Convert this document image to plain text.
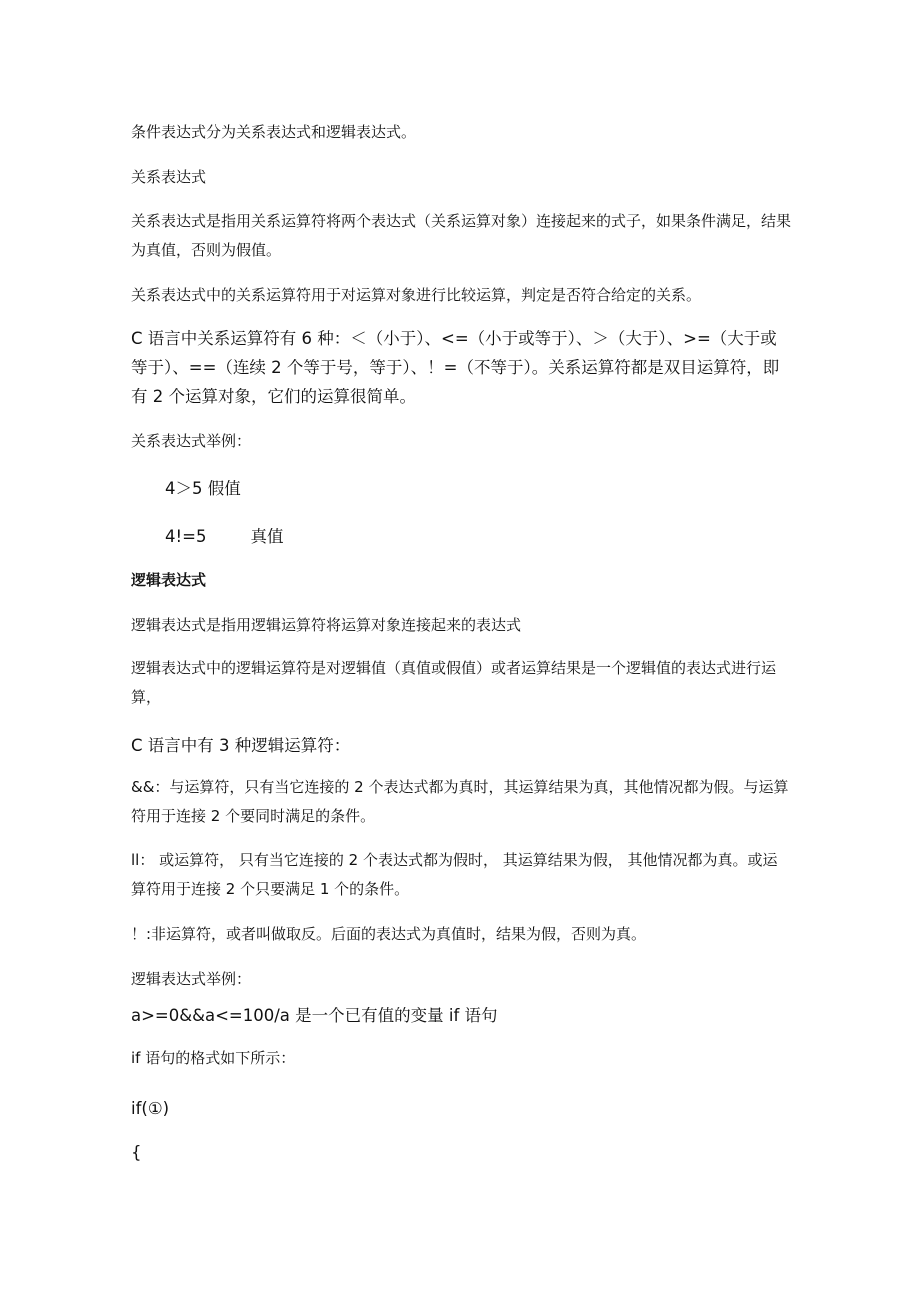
条件表达式分为关系表达式和逻辑表达式。

关系表达式

关系表达式是指用关系运算符将两个表达式（关系运算对象）连接起来的式子，如果条件满足，结果为真值，否则为假值。

关系表达式中的关系运算符用于对运算对象进行比较运算，判定是否符合给定的关系。

C 语言中关系运算符有 6 种：＜（小于）、<=（小于或等于）、＞（大于）、>=（大于或等于）、==（连续 2 个等于号，等于）、！=（不等于）。关系运算符都是双目运算符，即有 2 个运算对象，它们的运算很简单。

关系表达式举例：

4＞5 假值

4!=5	真值

逻辑表达式

逻辑表达式是指用逻辑运算符将运算对象连接起来的表达式

逻辑表达式中的逻辑运算符是对逻辑值（真值或假值）或者运算结果是一个逻辑值的表达式进行运算，

C 语言中有 3 种逻辑运算符：

&&：与运算符，只有当它连接的 2 个表达式都为真时，其运算结果为真，其他情况都为假。与运算符用于连接 2 个要同时满足的条件。

ll： 或运算符， 只有当它连接的 2 个表达式都为假时， 其运算结果为假， 其他情况都为真。或运算符用于连接 2 个只要满足 1 个的条件。

！:非运算符，或者叫做取反。后面的表达式为真值时，结果为假，否则为真。

逻辑表达式举例：

a>=0&&a<=100/a 是一个已有值的变量 if 语句

if 语句的格式如下所示：

if(①)

{
